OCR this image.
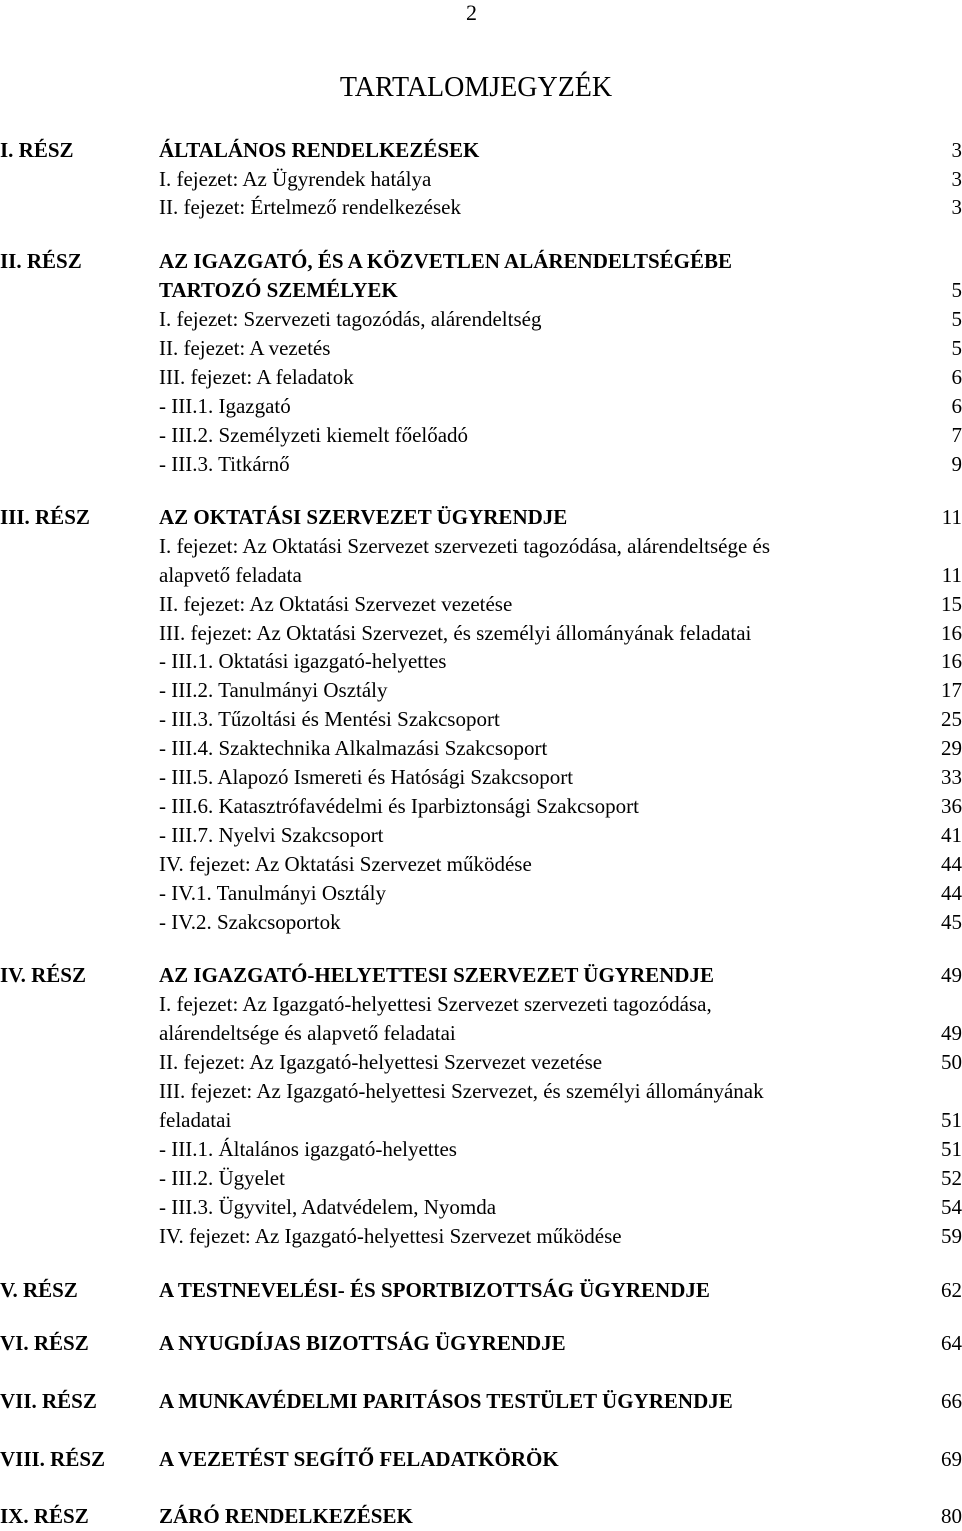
2
TARTALOMJEGYZÉK
I. RÉSZ	ÁLTALÁNOS RENDELKEZÉSEK	3
I. fejezet: Az Ügyrendek hatálya	3
II. fejezet: Értelmező rendelkezések	3
II. RÉSZ	AZ IGAZGATÓ, ÉS A KÖZVETLEN ALÁRENDELTSÉGÉBE
TARTOZÓ SZEMÉLYEK	5
I. fejezet: Szervezeti tagozódás, alárendeltség	5
II. fejezet: A vezetés	5
III. fejezet: A feladatok	6
- III.1. Igazgató	6
- III.2. Személyzeti kiemelt főelőadó	7
- III.3. Titkárnő	9
III. RÉSZ	AZ OKTATÁSI SZERVEZET ÜGYRENDJE	11
I. fejezet: Az Oktatási Szervezet szervezeti tagozódása, alárendeltsége és
alapvető feladata	11
II. fejezet: Az Oktatási Szervezet vezetése	15
III. fejezet: Az Oktatási Szervezet, és személyi állományának feladatai	16
- III.1. Oktatási igazgató-helyettes	16
- III.2. Tanulmányi Osztály	17
- III.3. Tűzoltási és Mentési Szakcsoport	25
- III.4. Szaktechnika Alkalmazási Szakcsoport	29
- III.5. Alapozó Ismereti és Hatósági Szakcsoport	33
- III.6. Katasztrófavédelmi és Iparbiztonsági Szakcsoport	36
- III.7. Nyelvi Szakcsoport	41
IV. fejezet: Az Oktatási Szervezet működése	44
- IV.1. Tanulmányi Osztály	44
- IV.2. Szakcsoportok	45
IV. RÉSZ	AZ IGAZGATÓ-HELYETTESI SZERVEZET ÜGYRENDJE	49
I. fejezet: Az Igazgató-helyettesi Szervezet szervezeti tagozódása,
alárendeltsége és alapvető feladatai	49
II. fejezet: Az Igazgató-helyettesi Szervezet vezetése	50
III. fejezet: Az Igazgató-helyettesi Szervezet, és személyi állományának
feladatai	51
- III.1. Általános igazgató-helyettes	51
- III.2. Ügyelet	52
- III.3. Ügyvitel, Adatvédelem, Nyomda	54
IV. fejezet: Az Igazgató-helyettesi Szervezet működése	59
V. RÉSZ	A TESTNEVELÉSI- ÉS SPORTBIZOTTSÁG ÜGYRENDJE	62
VI. RÉSZ	A NYUGDÍJAS BIZOTTSÁG ÜGYRENDJE	64
VII. RÉSZ	A MUNKAVÉDELMI PARITÁSOS TESTÜLET ÜGYRENDJE	66
VIII. RÉSZ	A VEZETÉST SEGÍTŐ FELADATKÖRÖK	69
IX. RÉSZ	ZÁRÓ RENDELKEZÉSEK	80
